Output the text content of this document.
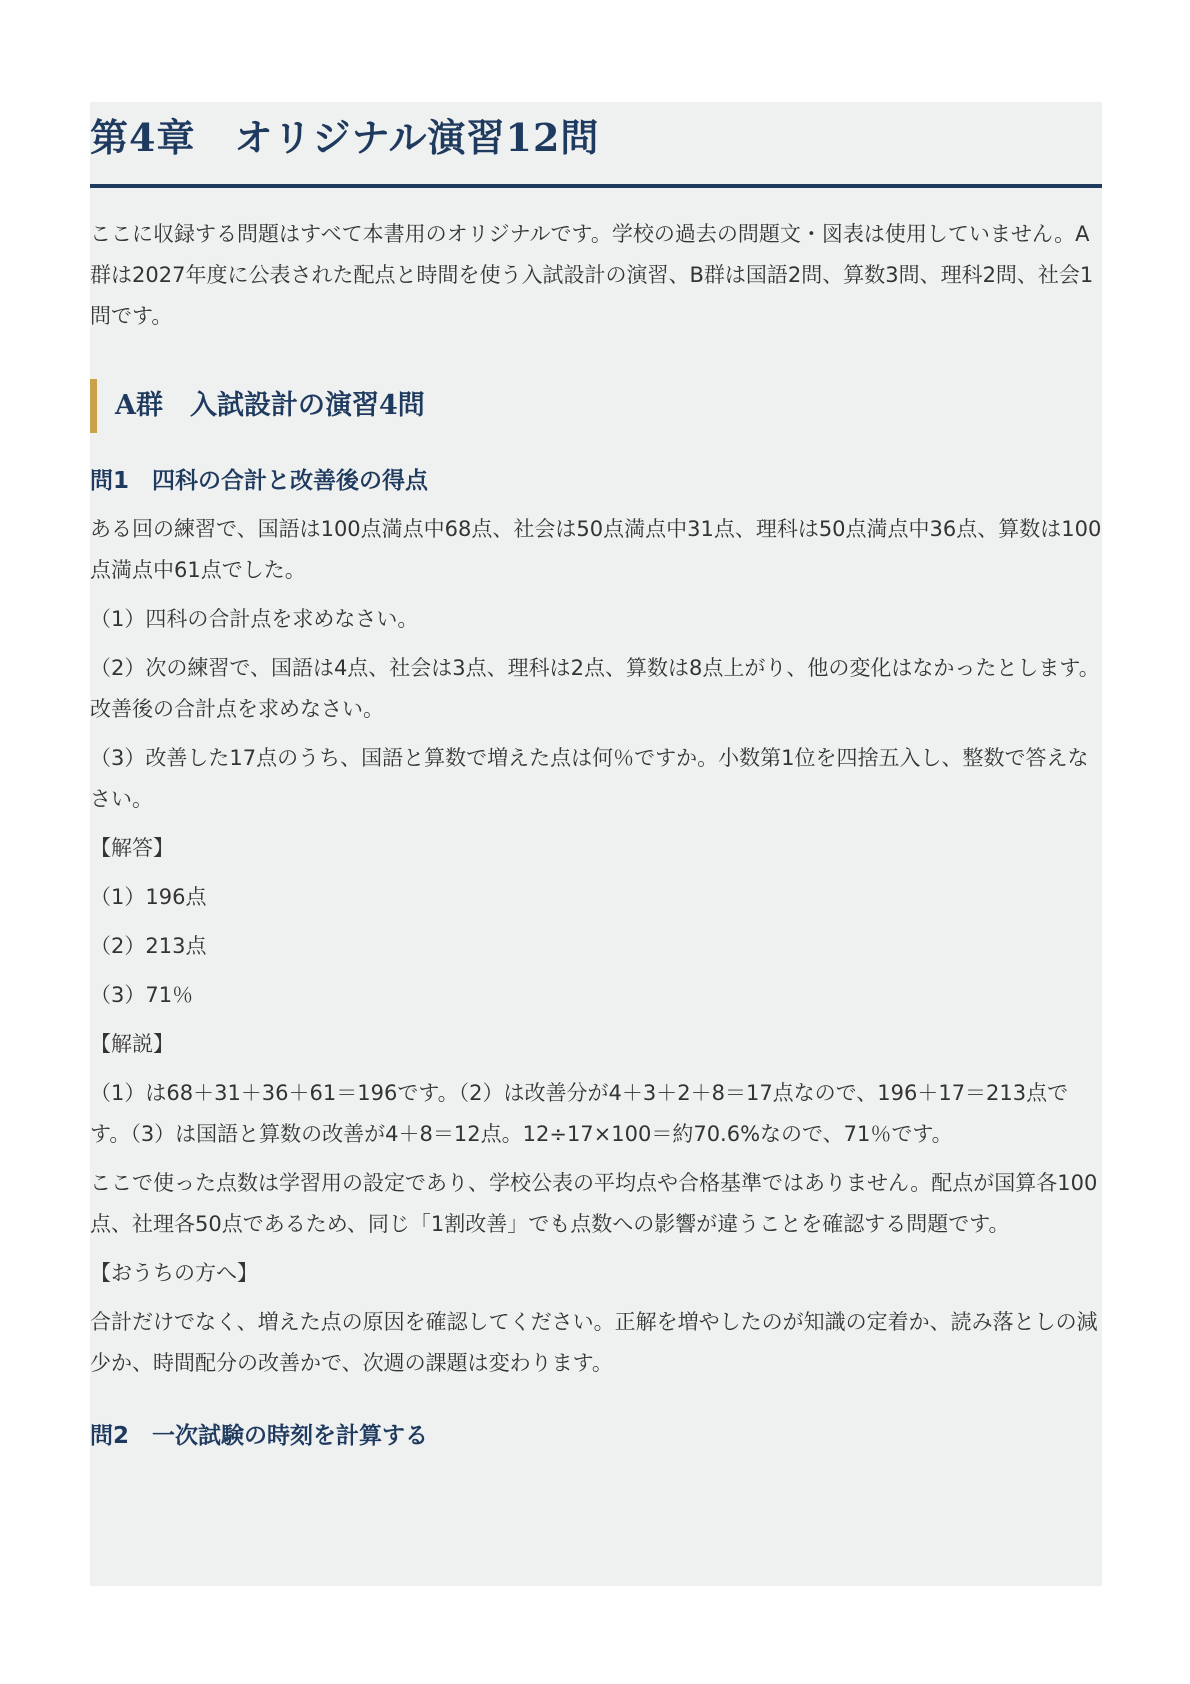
第4章　オリジナル演習12問

ここに収録する問題はすべて本書用のオリジナルです。学校の過去の問題文・図表は使用していません。A群は2027年度に公表された配点と時間を使う入試設計の演習、B群は国語2問、算数3問、理科2問、社会1問です。

A群　入試設計の演習4問
問1　四科の合計と改善後の得点

ある回の練習で、国語は100点満点中68点、社会は50点満点中31点、理科は50点満点中36点、算数は100点満点中61点でした。

（1）四科の合計点を求めなさい。

（2）次の練習で、国語は4点、社会は3点、理科は2点、算数は8点上がり、他の変化はなかったとします。改善後の合計点を求めなさい。

（3）改善した17点のうち、国語と算数で増えた点は何％ですか。小数第1位を四捨五入し、整数で答えなさい。

【解答】

（1）196点

（2）213点

（3）71％

【解説】

（1）は68＋31＋36＋61＝196です。（2）は改善分が4＋3＋2＋8＝17点なので、196＋17＝213点です。（3）は国語と算数の改善が4＋8＝12点。12÷17×100＝約70.6%なので、71％です。

ここで使った点数は学習用の設定であり、学校公表の平均点や合格基準ではありません。配点が国算各100点、社理各50点であるため、同じ「1割改善」でも点数への影響が違うことを確認する問題です。

【おうちの方へ】

合計だけでなく、増えた点の原因を確認してください。正解を増やしたのが知識の定着か、読み落としの減少か、時間配分の改善かで、次週の課題は変わります。

問2　一次試験の時刻を計算する
